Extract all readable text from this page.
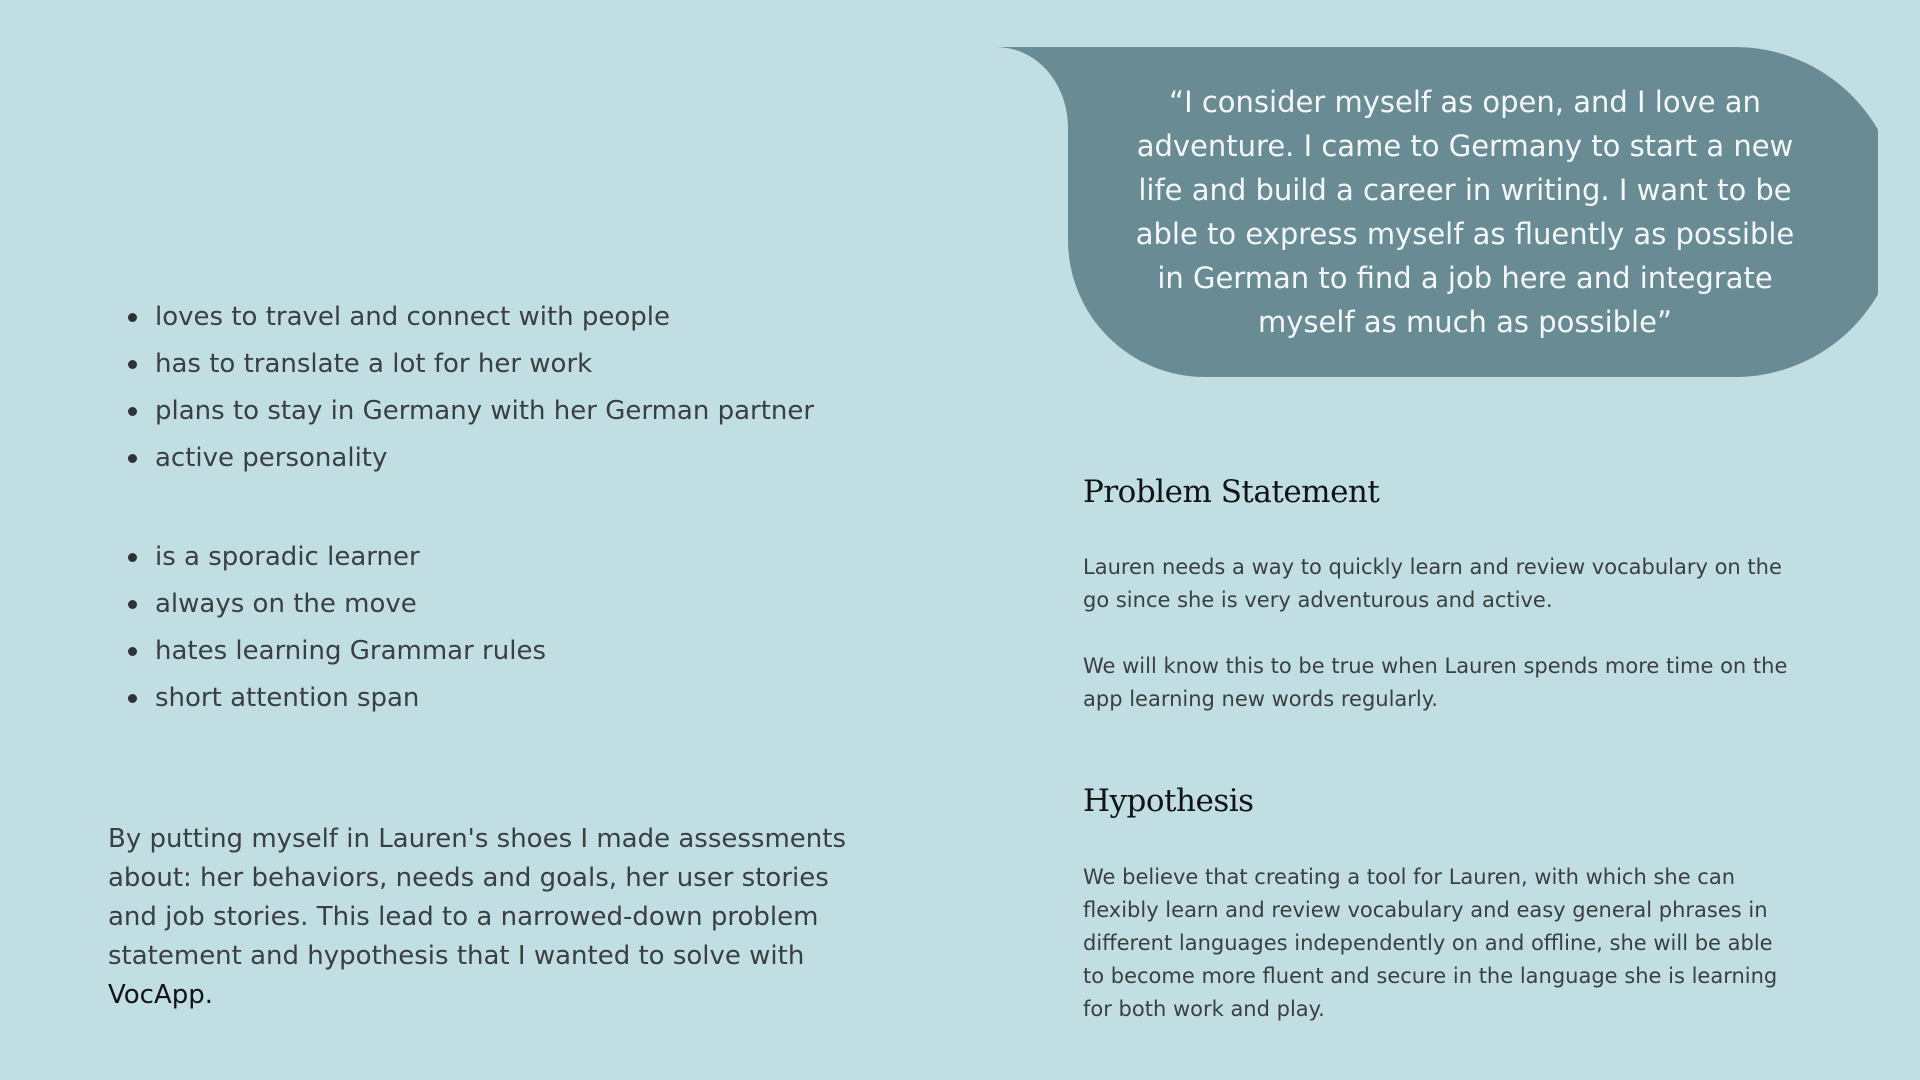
loves to travel and connect with people
has to translate a lot for her work
plans to stay in Germany with her German partner
active personality
is a sporadic learner
always on the move
hates learning Grammar rules
short attention span

By putting myself in Lauren's shoes I made assessments about: her behaviors, needs and goals, her user stories and job stories. This lead to a narrowed-down problem statement and hypothesis that I wanted to solve with VocApp.

“I consider myself as open, and I love an adventure. I came to Germany to start a new life and build a career in writing. I want to be able to express myself as fluently as possible in German to find a job here and integrate myself as much as possible”

Problem Statement

Lauren needs a way to quickly learn and review vocabulary on the go since she is very adventurous and active.

We will know this to be true when Lauren spends more time on the app learning new words regularly.

Hypothesis

We believe that creating a tool for Lauren, with which she can flexibly learn and review vocabulary and easy general phrases in different languages independently on and offline, she will be able to become more fluent and secure in the language she is learning for both work and play.
